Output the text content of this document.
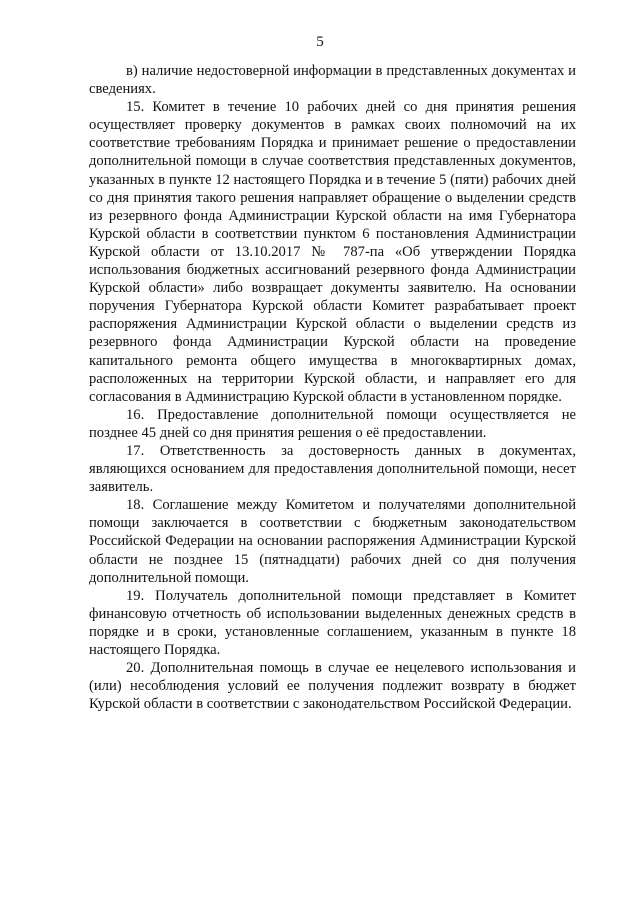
5

в) наличие недостоверной информации в представленных документах и сведениях.

15. Комитет в течение 10 рабочих дней со дня принятия решения осуществляет проверку документов в рамках своих полномочий на их соответствие требованиям Порядка и принимает решение о предоставлении дополнительной помощи в случае соответствия представленных документов, указанных в пункте 12 настоящего Порядка и в течение 5 (пяти) рабочих дней со дня принятия такого решения направляет обращение о выделении средств из резервного фонда Администрации Курской области на имя Губернатора Курской области в соответствии пунктом 6 постановления Администрации Курской области от 13.10.2017 № 787-па «Об утверждении Порядка использования бюджетных ассигнований резервного фонда Администрации Курской области» либо возвращает документы заявителю. На основании поручения Губернатора Курской области Комитет разрабатывает проект распоряжения Администрации Курской области о выделении средств из резервного фонда Администрации Курской области на проведение капитального ремонта общего имущества в многоквартирных домах, расположенных на территории Курской области, и направляет его для согласования в Администрацию Курской области в установленном порядке.

16. Предоставление дополнительной помощи осуществляется не позднее 45 дней со дня принятия решения о её предоставлении.

17. Ответственность за достоверность данных в документах, являющихся основанием для предоставления дополнительной помощи, несет заявитель.

18. Соглашение между Комитетом и получателями дополнительной помощи заключается в соответствии с бюджетным законодательством Российской Федерации на основании распоряжения Администрации Курской области не позднее 15 (пятнадцати) рабочих дней со дня получения дополнительной помощи.

19. Получатель дополнительной помощи представляет в Комитет финансовую отчетность об использовании выделенных денежных средств в порядке и в сроки, установленные соглашением, указанным в пункте 18 настоящего Порядка.

20. Дополнительная помощь в случае ее нецелевого использования и (или) несоблюдения условий ее получения подлежит возврату в бюджет Курской области в соответствии с законодательством Российской Федерации.
